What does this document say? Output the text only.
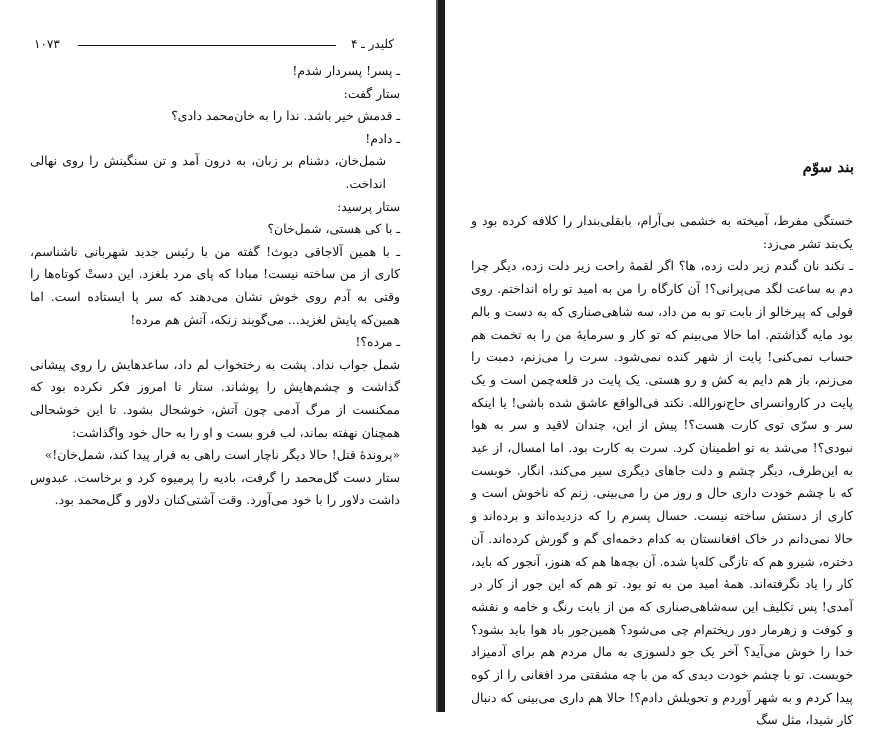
کلیدر ـ ۴
۱۰۷۳

ـ پسر! پسردار شدم!

ستار گفت:

ـ قدمش خیر باشد. ندا را به خان‌محمد دادی؟

ـ دادم!

شمل‌خان، دشنام بر زبان، به درون آمد و تن سنگینش را روی نهالی انداخت.

ستار پرسید:

ـ با کی هستی، شمل‌خان؟

ـ با همین آلاجاقی دیوث! گفته من با رئیس جدید شهربانی ناشناسم، کاری از من ساخته نیست! مبادا که پای مرد بلغزد. این دستْ کوتاه‌ها را وقتی به آدم روی خوش نشان می‌دهند که سر پا ایستاده است. اما همین‌که پایش لغزید... می‌گویند زنکه، آتش هم مرده!

ـ مرده؟!

شمل جواب نداد. پشت به رختخواب لم داد، ساعدهایش را روی پیشانی گذاشت و چشم‌هایش را پوشاند. ستار تا امروز فکر نکرده بود که ممکنست از مرگ آدمی چون آتش، خوشحال بشود. تا این خوشحالی همچنان نهفته بماند، لب فرو بست و او را به حال خود واگذاشت:

«پرونده‌ٔ قتل! حالا دیگر ناچار است راهی به فرار پیدا کند، شمل‌خان!»

ستار دست گل‌محمد را گرفت، بادیه را پرمیوه کرد و برخاست. عبدوس داشت دلاور را با خود می‌آورد. وقت آشتی‌کنان دلاور و گل‌محمد بود.

بند سوّم

خستگی مفرط، آمیخته به خشمی بی‌آرام، بابقلی‌بندار را کلافه کرده بود و یک‌بند تشر می‌زد:

ـ نکند نان گندم زیر دلت زده، ها؟ اگر لقمهٔ راحت زیر دلت زده، دیگر چرا دم به ساعت لگد می‌پرانی؟! آن کارگاه را من به امید تو راه انداختم. روی قولی که پیرخالو از بابت تو به من داد، سه شاهی‌صناری که به دست و بالم بود مایه گذاشتم. اما حالا می‌بینم که تو کار و سرمایهٔ من را به تخمت هم حساب نمی‌کنی! پایت از شهر کنده نمی‌شود. سرت را می‌زنم، دمبت را می‌زنم، باز هم دایم به کش و رو هستی. یک پایت در قلعه‌چمن است و یک پایت در کاروانسرای حاج‌نورالله. نکند فی‌الواقع عاشق شده باشی! یا اینکه سر و سرّی توی کارت هست؟! پیش از این، چندان لاقید و سر به هوا نبودی؟! می‌شد به تو اطمینان کرد. سرت به کارت بود. اما امسال، از عید به این‌طرف، دیگر چشم و دلت جاهای دیگری سیر می‌کند، انگار. خوبست که با چشم خودت داری حال و روز من را می‌بینی. زنم که ناخوش است و کاری از دستش ساخته نیست. حسال پسرم را که دزدیده‌اند و برده‌اند و حالا نمی‌دانم در خاک افغانستان به کدام دخمه‌ای گم و گورش کرده‌اند. آن دختره، شیرو هم که تازگی کله‌پا شده. آن بچه‌ها هم که هنوز، آنجور که باید، کار را یاد نگرفته‌اند. همهٔ امید من به تو بود. تو هم که این جور از کار در آمدی! پس تکلیف این سه‌شاهی‌صناری که من از بابت رنگ و خامه و نقشه و کوفت و زهرمار دور ریختم‌ام چی می‌شود؟ همین‌جور باد هوا باید بشود؟ خدا را خوش می‌آید؟ آخر یک جو دلسوزی به مال مردم هم برای آدمیزاد خوبست. تو با چشم خودت دیدی که من با چه مشقتی مرد افغانی را از کوه پیدا کردم و به شهر آوردم و تحویلش دادم؟! حالا هم داری می‌بینی که دنبال کار شیدا، مثل سگ
